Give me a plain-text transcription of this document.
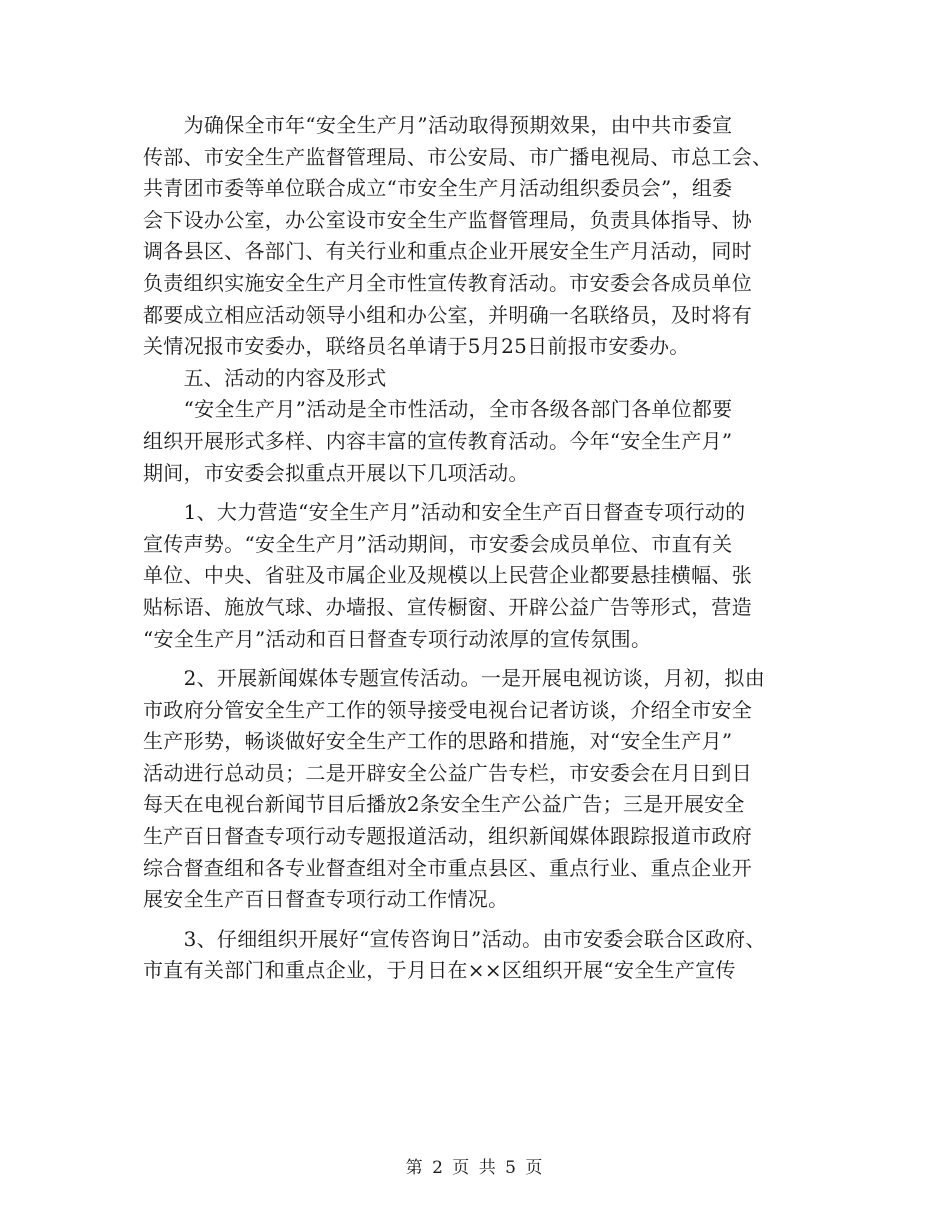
　　为确保全市年“安全生产月”活动取得预期效果，由中共市委宣
传部、市安全生产监督管理局、市公安局、市广播电视局、市总工会、
共青团市委等单位联合成立“市安全生产月活动组织委员会”，组委
会下设办公室，办公室设市安全生产监督管理局，负责具体指导、协
调各县区、各部门、有关行业和重点企业开展安全生产月活动，同时
负责组织实施安全生产月全市性宣传教育活动。市安委会各成员单位
都要成立相应活动领导小组和办公室，并明确一名联络员，及时将有
关情况报市安委办，联络员名单请于5月25日前报市安委办。
　　五、活动的内容及形式
　　“安全生产月”活动是全市性活动，全市各级各部门各单位都要
组织开展形式多样、内容丰富的宣传教育活动。今年“安全生产月”
期间，市安委会拟重点开展以下几项活动。
　　1、大力营造“安全生产月”活动和安全生产百日督查专项行动的
宣传声势。“安全生产月”活动期间，市安委会成员单位、市直有关
单位、中央、省驻及市属企业及规模以上民营企业都要悬挂横幅、张
贴标语、施放气球、办墙报、宣传橱窗、开辟公益广告等形式，营造
“安全生产月”活动和百日督查专项行动浓厚的宣传氛围。
　　2、开展新闻媒体专题宣传活动。一是开展电视访谈，月初，拟由
市政府分管安全生产工作的领导接受电视台记者访谈，介绍全市安全
生产形势，畅谈做好安全生产工作的思路和措施，对“安全生产月”
活动进行总动员；二是开辟安全公益广告专栏，市安委会在月日到日
每天在电视台新闻节目后播放2条安全生产公益广告；三是开展安全
生产百日督查专项行动专题报道活动，组织新闻媒体跟踪报道市政府
综合督查组和各专业督查组对全市重点县区、重点行业、重点企业开
展安全生产百日督查专项行动工作情况。
　　3、仔细组织开展好“宣传咨询日”活动。由市安委会联合区政府、
市直有关部门和重点企业，于月日在××区组织开展“安全生产宣传
第 2 页 共 5 页
